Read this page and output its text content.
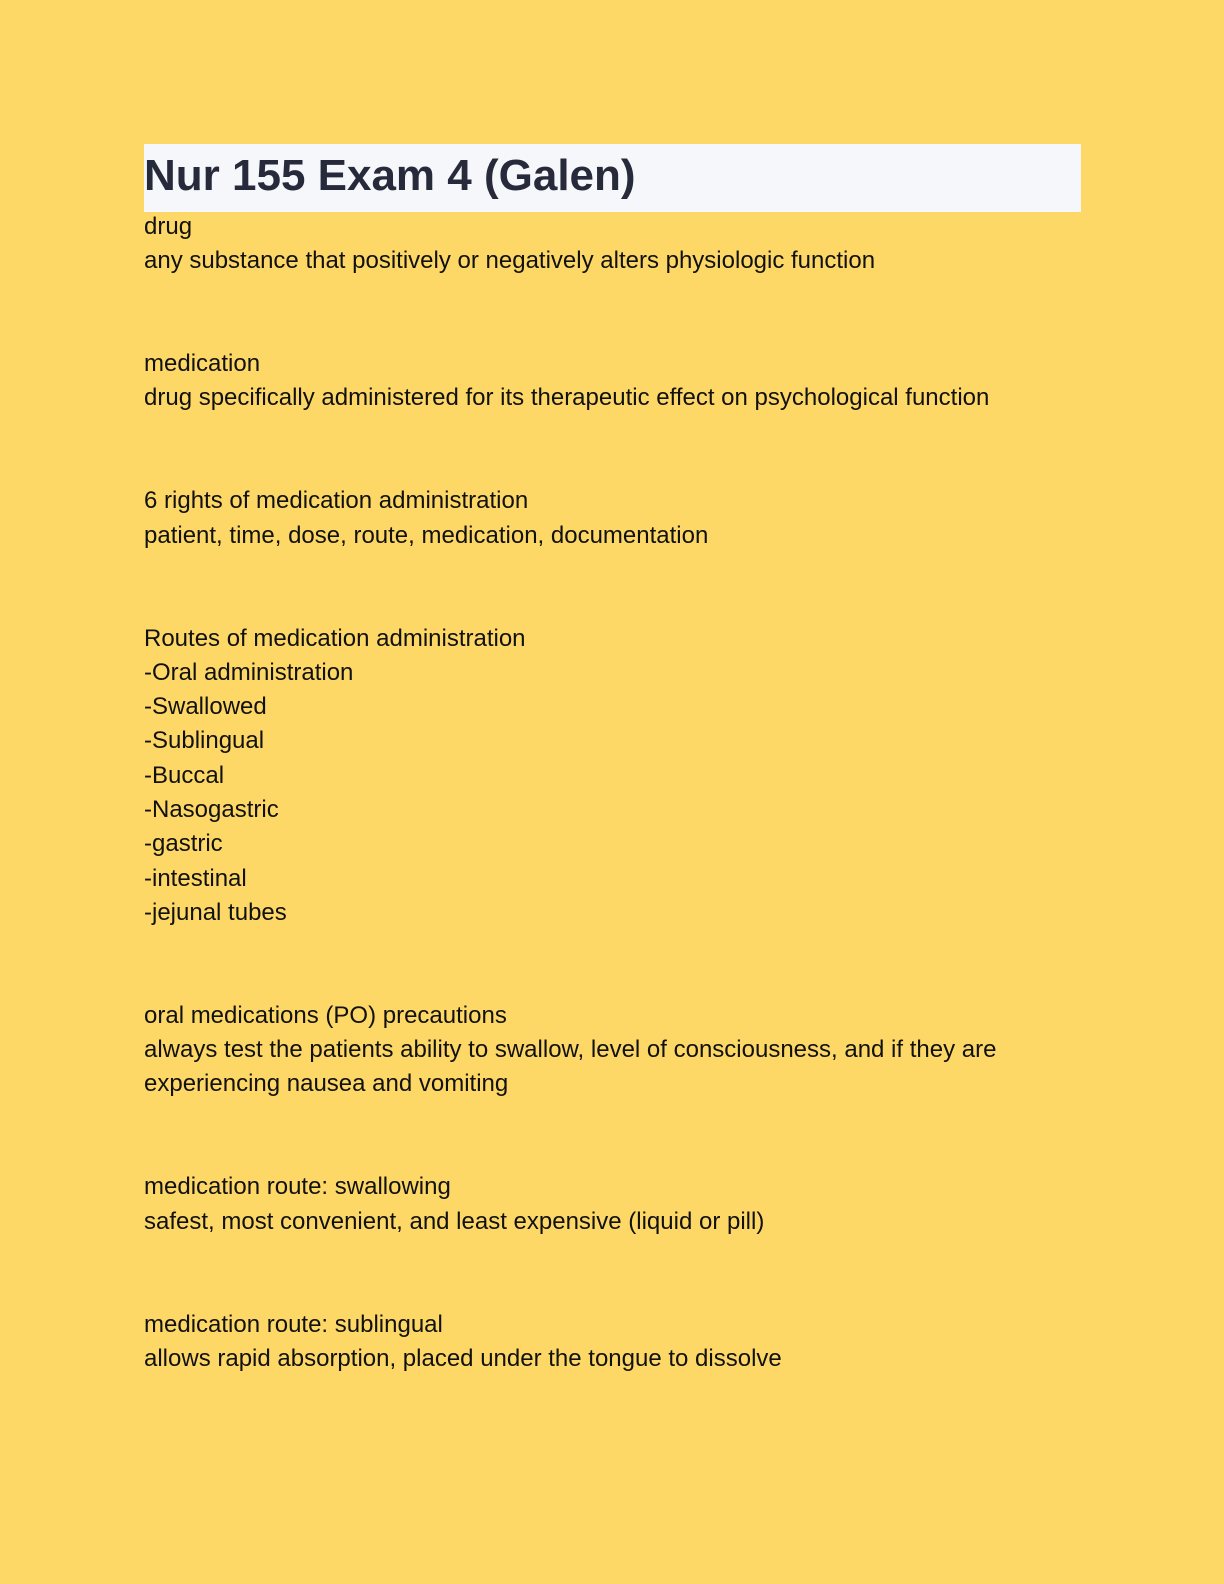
Nur 155 Exam 4 (Galen)
drug
any substance that positively or negatively alters physiologic function
medication
drug specifically administered for its therapeutic effect on psychological function
6 rights of medication administration
patient, time, dose, route, medication, documentation
Routes of medication administration
-Oral administration
-Swallowed
-Sublingual
-Buccal
-Nasogastric
-gastric
-intestinal
-jejunal tubes
oral medications (PO) precautions
always test the patients ability to swallow, level of consciousness, and if they are
experiencing nausea and vomiting
medication route: swallowing
safest, most convenient, and least expensive (liquid or pill)
medication route: sublingual
allows rapid absorption, placed under the tongue to dissolve
